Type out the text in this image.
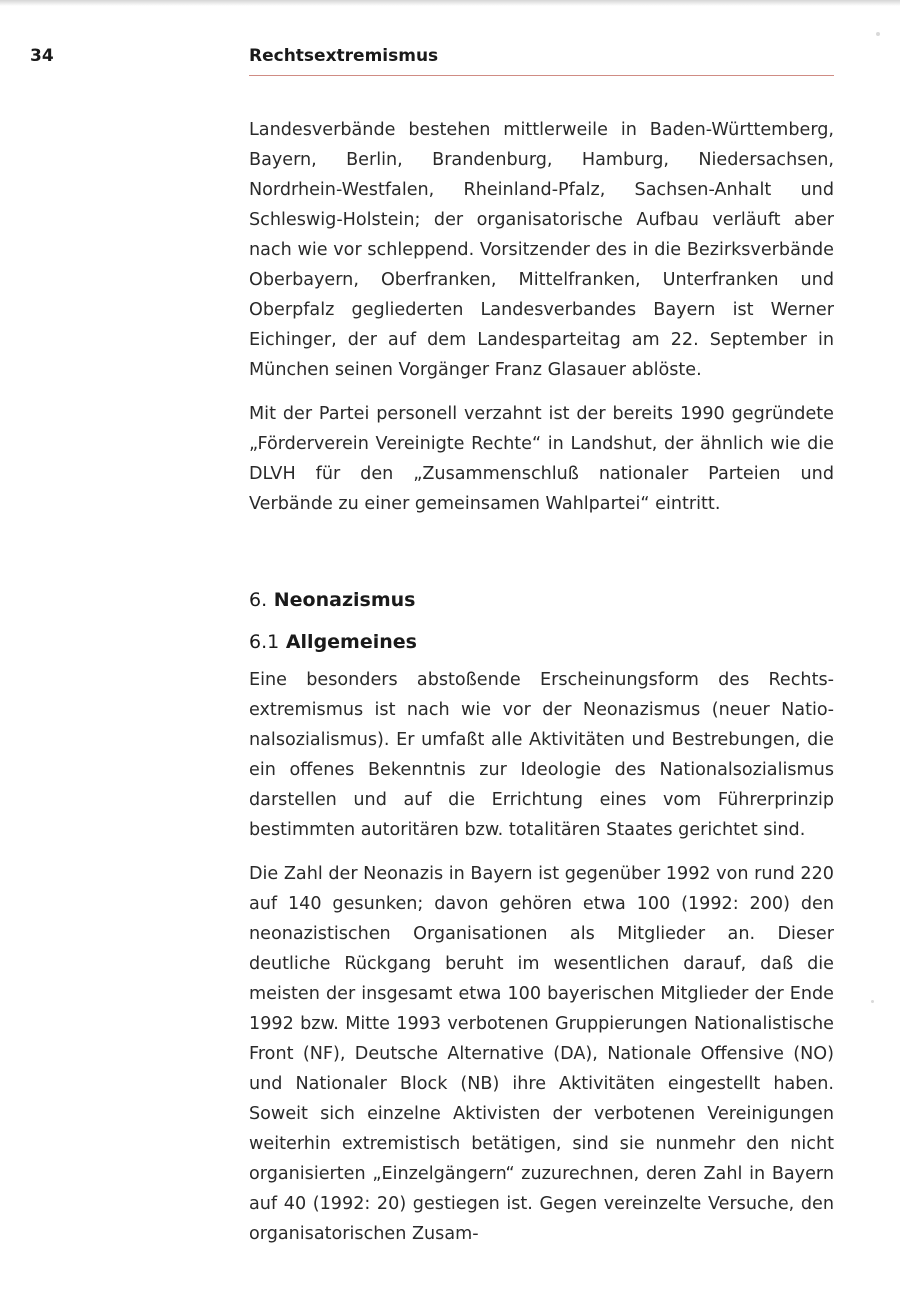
34	Rechtsextremismus

Landesverbände bestehen mittlerweile in Baden-Württemberg, Bayern, Berlin, Brandenburg, Hamburg, Niedersachsen, Nordrhein-Westfalen, Rheinland-Pfalz, Sachsen-Anhalt und Schleswig-Holstein; der organisatorische Aufbau verläuft aber nach wie vor schleppend. Vorsitzender des in die Bezirksverbände Oberbayern, Oberfranken, Mittelfranken, Unterfranken und Oberpfalz gegliederten Landesverbandes Bayern ist Werner Eichinger, der auf dem Landesparteitag am 22. September in München seinen Vorgänger Franz Glasauer ablöste.

Mit der Partei personell verzahnt ist der bereits 1990 gegründete „Förderverein Vereinigte Rechte“ in Landshut, der ähnlich wie die DLVH für den „Zusammenschluß nationaler Parteien und Verbände zu einer gemeinsamen Wahlpartei“ eintritt.

6. Neonazismus
6.1 Allgemeines

Eine besonders abstoßende Erscheinungsform des Rechtsextremismus ist nach wie vor der Neonazismus (neuer Nationalsozialismus). Er umfaßt alle Aktivitäten und Bestrebungen, die ein offenes Bekenntnis zur Ideologie des Nationalsozialismus darstellen und auf die Errichtung eines vom Führerprinzip bestimmten autoritären bzw. totalitären Staates gerichtet sind.

Die Zahl der Neonazis in Bayern ist gegenüber 1992 von rund 220 auf 140 gesunken; davon gehören etwa 100 (1992: 200) den neonazistischen Organisationen als Mitglieder an. Dieser deutliche Rückgang beruht im wesentlichen darauf, daß die meisten der insgesamt etwa 100 bayerischen Mitglieder der Ende 1992 bzw. Mitte 1993 verbotenen Gruppierungen Nationalistische Front (NF), Deutsche Alternative (DA), Nationale Offensive (NO) und Nationaler Block (NB) ihre Aktivitäten eingestellt haben. Soweit sich einzelne Aktivisten der verbotenen Vereinigungen weiterhin extremistisch betätigen, sind sie nunmehr den nicht organisierten „Einzelgängern“ zuzurechnen, deren Zahl in Bayern auf 40 (1992: 20) gestiegen ist. Gegen vereinzelte Versuche, den organisatorischen Zusam-
